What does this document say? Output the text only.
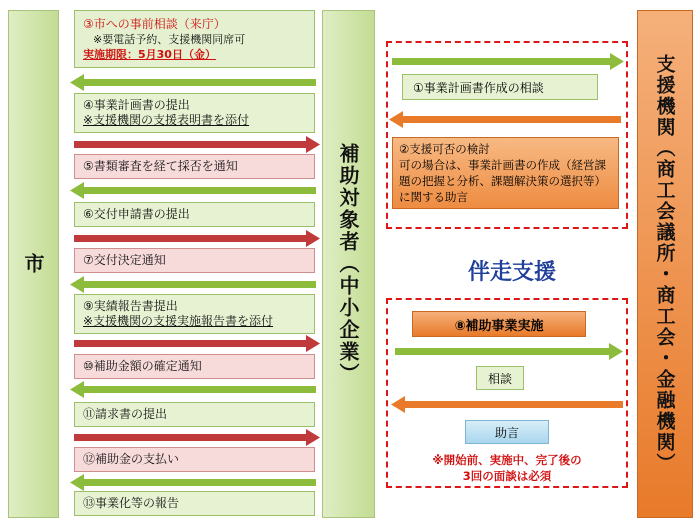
市	補助対象者（中小企業）	支援機関（商工会議所・商工会・金融機関）
③市への事前相談（来庁）
※要電話予約、支援機関同席可
実施期限：5月30日（金）
④事業計画書の提出
※支援機関の支援表明書を添付
⑤書類審査を経て採否を通知
⑥交付申請書の提出
⑦交付決定通知
⑨実績報告書提出
※支援機関の支援実施報告書を添付
⑩補助金額の確定通知
⑪請求書の提出
⑫補助金の支払い
⑬事業化等の報告
①事業計画書作成の相談
②支援可否の検討
可の場合は、事業計画書の作成（経営課題の把握と分析、課題解決策の選択等）に関する助言
伴走支援
⑧補助事業実施
相談
助言
※開始前、実施中、完了後の
3回の面談は必須
